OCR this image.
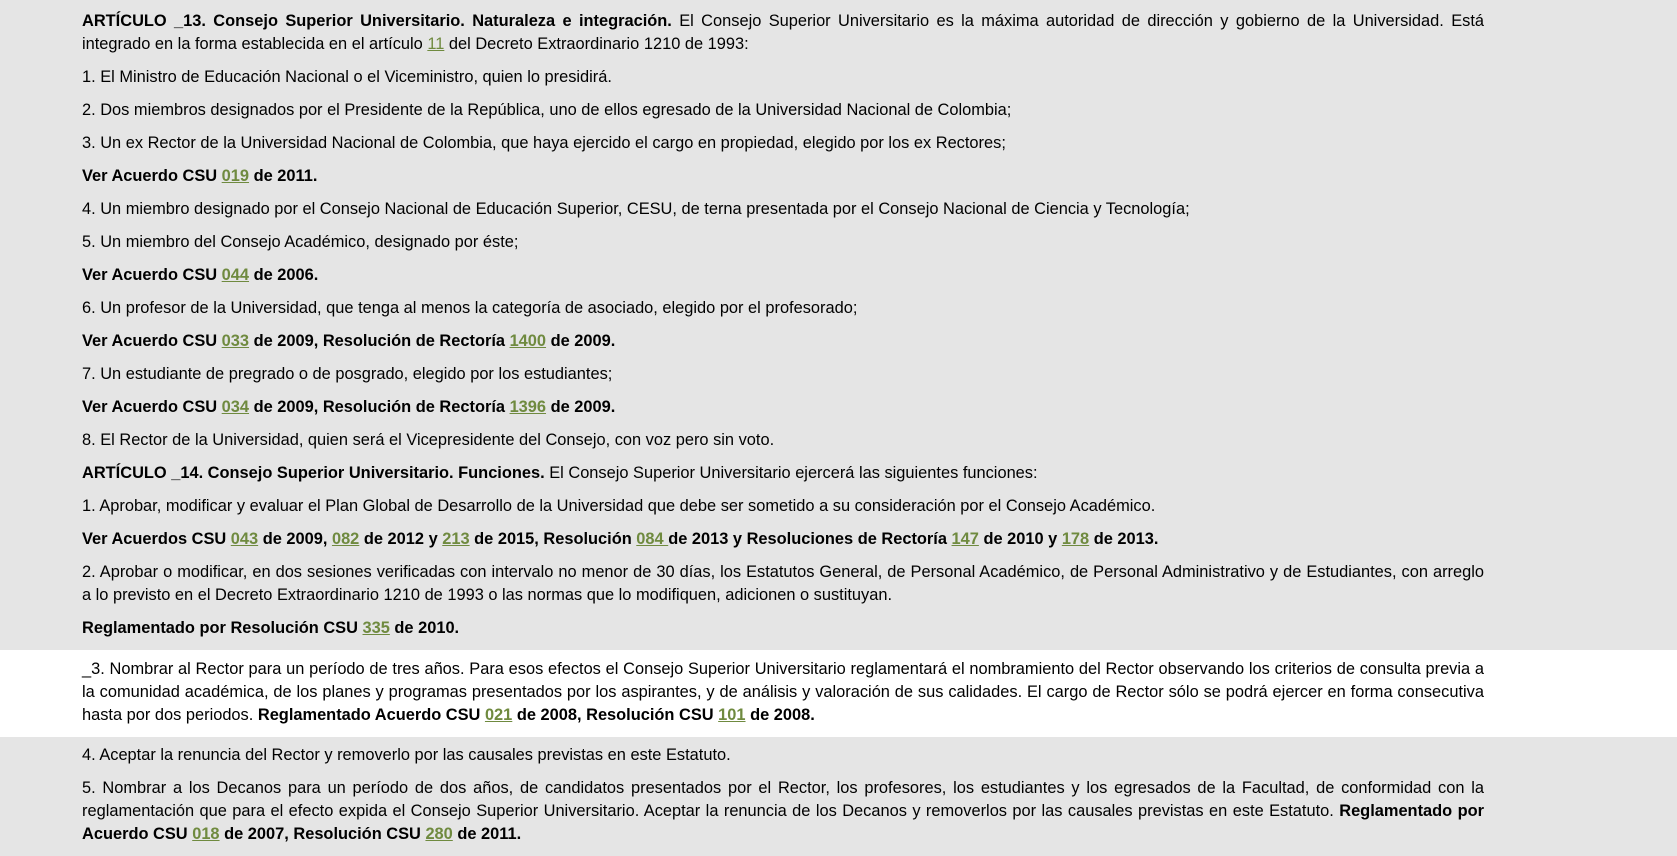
ARTÍCULO _13. Consejo Superior Universitario. Naturaleza e integración. El Consejo Superior Universitario es la máxima autoridad de dirección y gobierno de la Universidad. Está integrado en la forma establecida en el artículo 11 del Decreto Extraordinario 1210 de 1993:

1. El Ministro de Educación Nacional o el Viceministro, quien lo presidirá.

2. Dos miembros designados por el Presidente de la República, uno de ellos egresado de la Universidad Nacional de Colombia;

3. Un ex Rector de la Universidad Nacional de Colombia, que haya ejercido el cargo en propiedad, elegido por los ex Rectores;

Ver Acuerdo CSU 019 de 2011.

4. Un miembro designado por el Consejo Nacional de Educación Superior, CESU, de terna presentada por el Consejo Nacional de Ciencia y Tecnología;

5. Un miembro del Consejo Académico, designado por éste;

Ver Acuerdo CSU 044 de 2006.

6. Un profesor de la Universidad, que tenga al menos la categoría de asociado, elegido por el profesorado;

Ver Acuerdo CSU 033 de 2009, Resolución de Rectoría 1400 de 2009.

7. Un estudiante de pregrado o de posgrado, elegido por los estudiantes;

Ver Acuerdo CSU 034 de 2009, Resolución de Rectoría 1396 de 2009.

8. El Rector de la Universidad, quien será el Vicepresidente del Consejo, con voz pero sin voto.

ARTÍCULO _14. Consejo Superior Universitario. Funciones. El Consejo Superior Universitario ejercerá las siguientes funciones:

1. Aprobar, modificar y evaluar el Plan Global de Desarrollo de la Universidad que debe ser sometido a su consideración por el Consejo Académico.

Ver Acuerdos CSU 043 de 2009, 082 de 2012 y 213 de 2015, Resolución 084 de 2013 y Resoluciones de Rectoría 147 de 2010 y 178 de 2013.

2. Aprobar o modificar, en dos sesiones verificadas con intervalo no menor de 30 días, los Estatutos General, de Personal Académico, de Personal Administrativo y de Estudiantes, con arreglo a lo previsto en el Decreto Extraordinario 1210 de 1993 o las normas que lo modifiquen, adicionen o sustituyan.

Reglamentado por Resolución CSU 335 de 2010.

_3. Nombrar al Rector para un período de tres años. Para esos efectos el Consejo Superior Universitario reglamentará el nombramiento del Rector observando los criterios de consulta previa a la comunidad académica, de los planes y programas presentados por los aspirantes, y de análisis y valoración de sus calidades. El cargo de Rector sólo se podrá ejercer en forma consecutiva hasta por dos periodos. Reglamentado Acuerdo CSU 021 de 2008, Resolución CSU 101 de 2008.

4. Aceptar la renuncia del Rector y removerlo por las causales previstas en este Estatuto.

5. Nombrar a los Decanos para un período de dos años, de candidatos presentados por el Rector, los profesores, los estudiantes y los egresados de la Facultad, de conformidad con la reglamentación que para el efecto expida el Consejo Superior Universitario. Aceptar la renuncia de los Decanos y removerlos por las causales previstas en este Estatuto. Reglamentado por Acuerdo CSU 018 de 2007, Resolución CSU 280 de 2011.
